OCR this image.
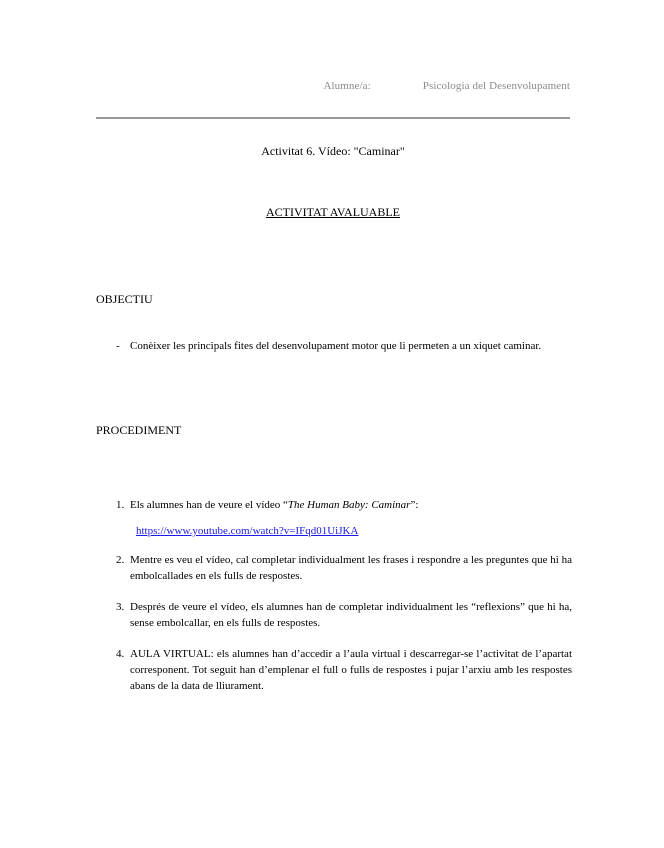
Alumne/a:	Psicologia del Desenvolupament
Activitat 6. Vídeo: "Caminar"
ACTIVITAT AVALUABLE
OBJECTIU
- Conèixer les principals fites del desenvolupament motor que li permeten a un xiquet caminar.
PROCEDIMENT
1. Els alumnes han de veure el vídeo “The Human Baby: Caminar”:
https://www.youtube.com/watch?v=IFqd01UiJKA
2. Mentre es veu el vídeo, cal completar individualment les frases i respondre a les preguntes que hi ha embolcallades en els fulls de respostes.
3. Després de veure el vídeo, els alumnes han de completar individualment les “reflexions” que hi ha, sense embolcallar, en els fulls de respostes.
4. AULA VIRTUAL: els alumnes han d’accedir a l’aula virtual i descarregar-se l’activitat de l’apartat corresponent. Tot seguit han d’emplenar el full o fulls de respostes i pujar l’arxiu amb les respostes abans de la data de lliurament.
